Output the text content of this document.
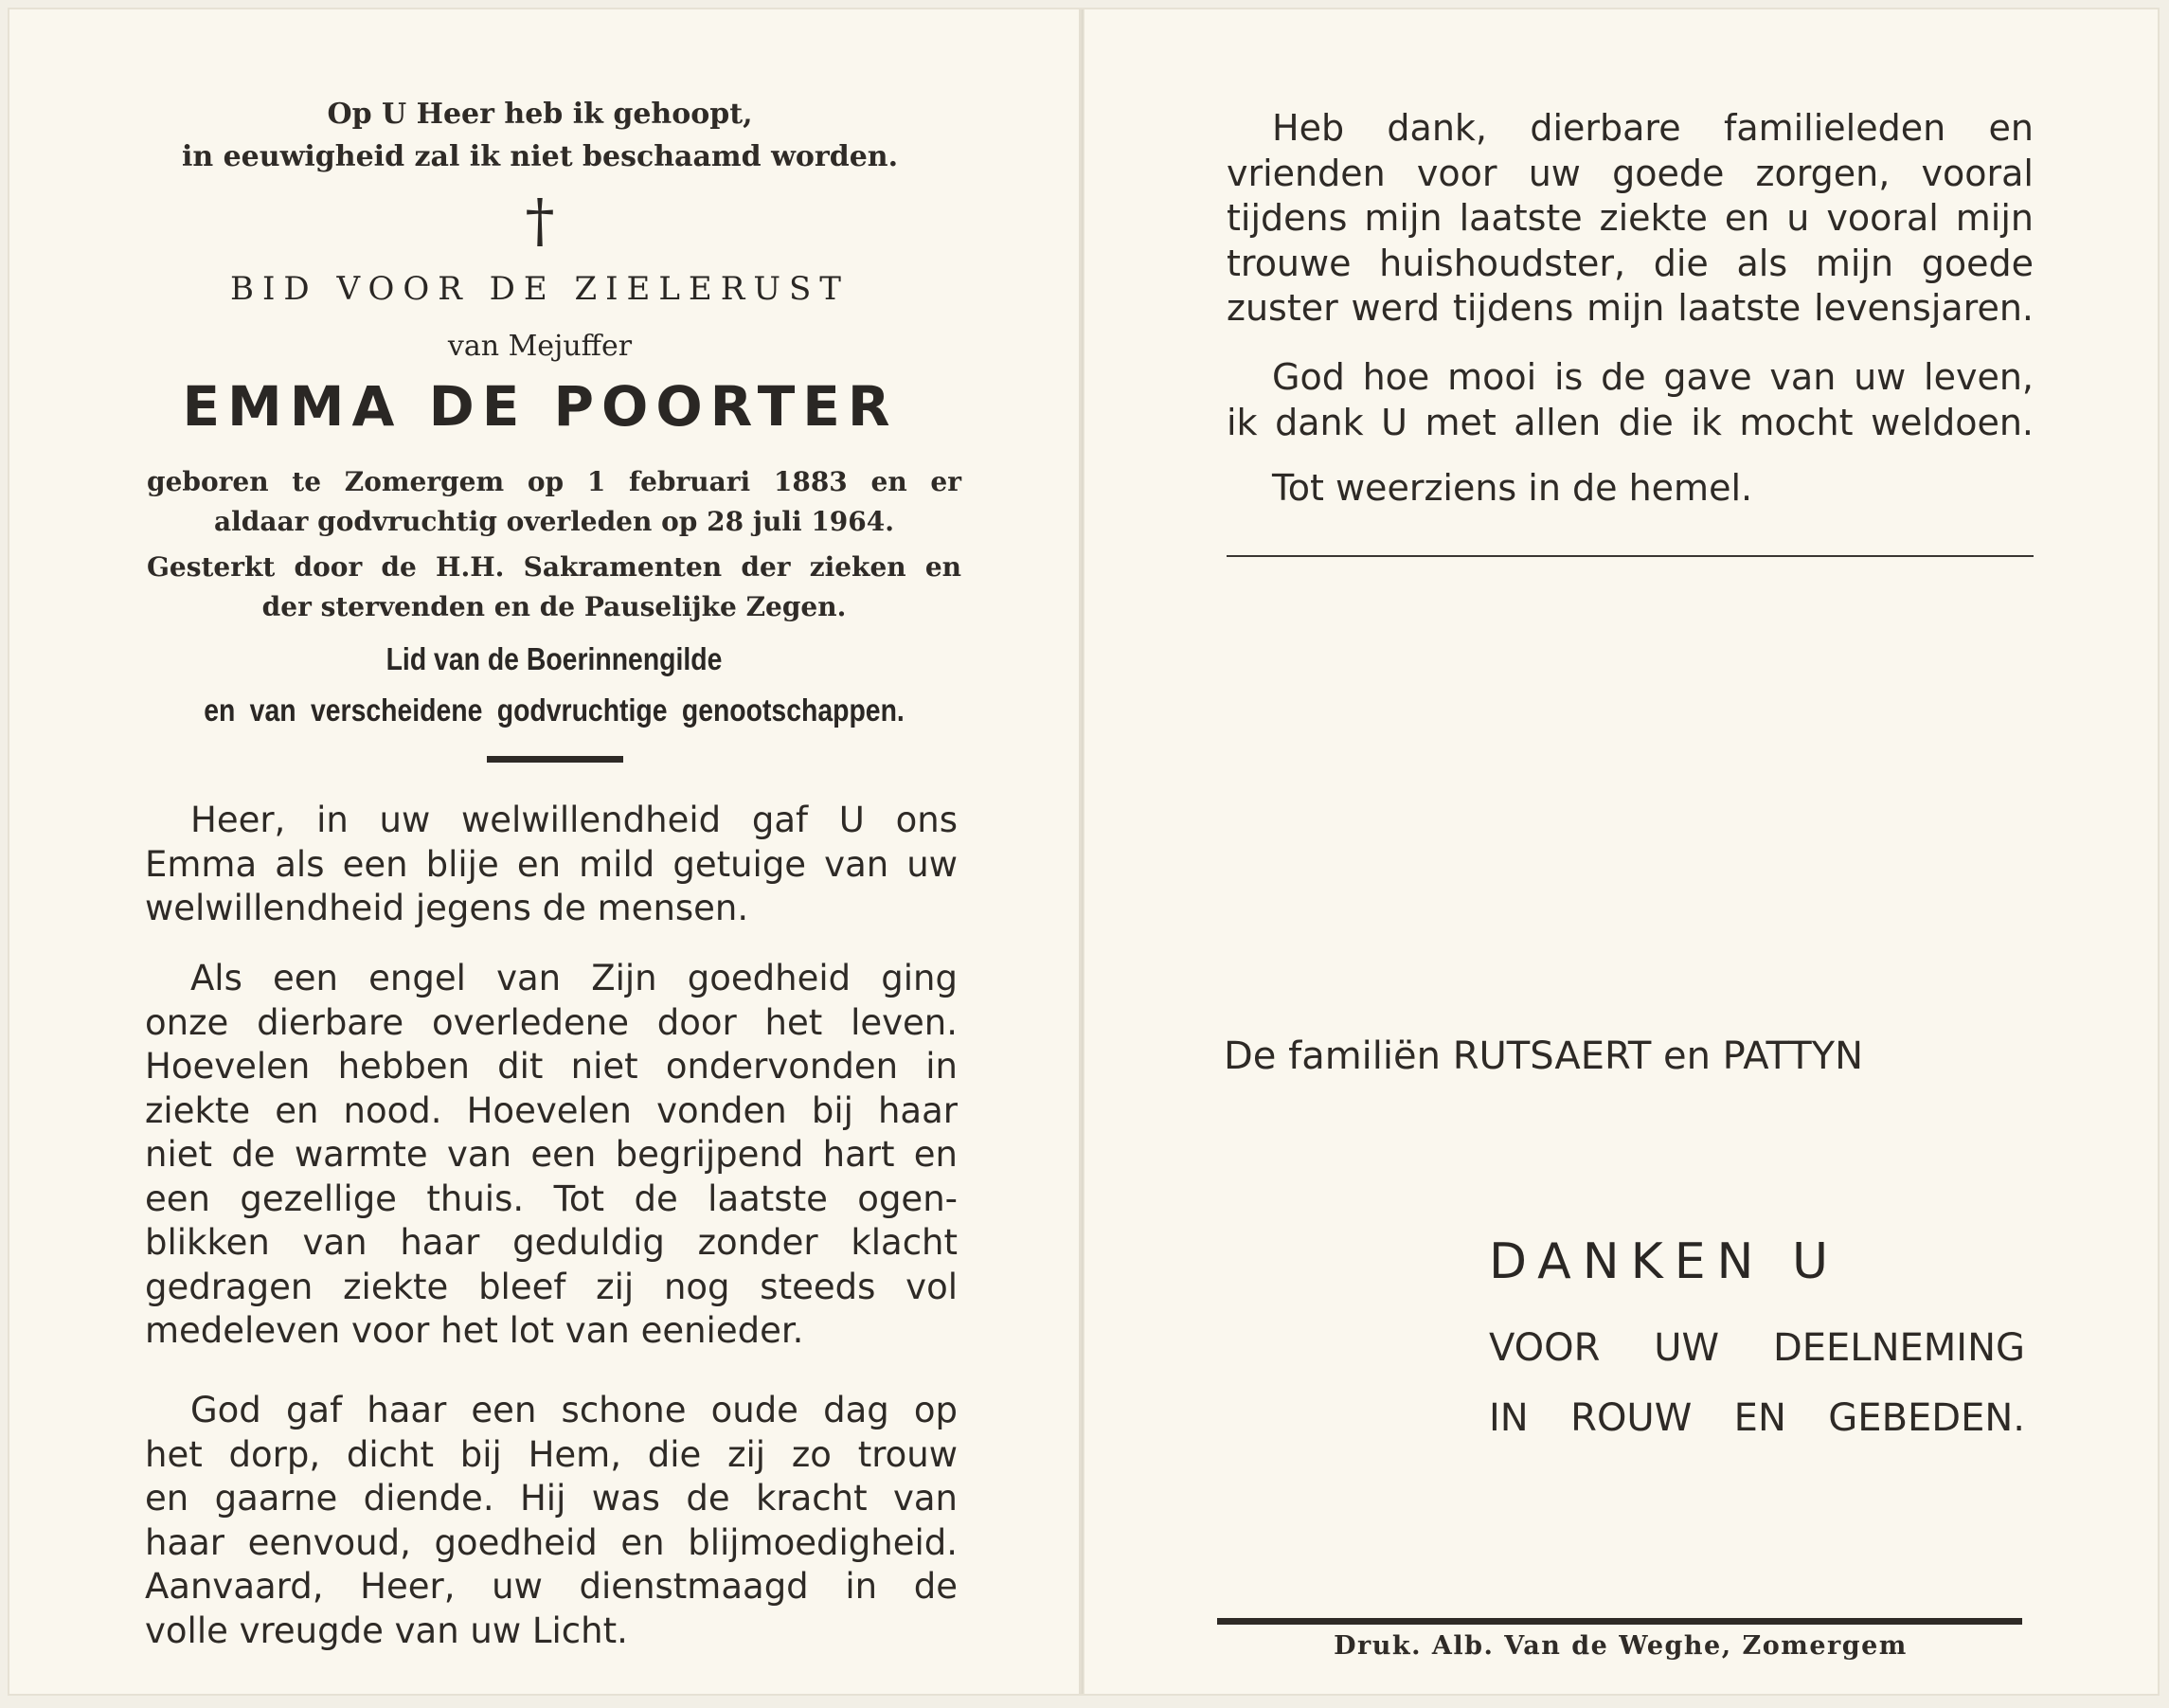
Op U Heer heb ik gehoopt,
in eeuwigheid zal ik niet beschaamd worden.
†
BID VOOR DE ZIELERUST
van Mejuffer
EMMA DE POORTER
geboren te Zomergem op 1 februari 1883 en er
aldaar godvruchtig overleden op 28 juli 1964.
Gesterkt door de H.H. Sakramenten der zieken en
der stervenden en de Pauselijke Zegen.
Lid van de Boerinnengilde
en van verscheidene godvruchtige genootschappen.
Heer, in uw welwillendheid gaf U ons
Emma als een blije en mild getuige van uw
welwillendheid jegens de mensen.
Als een engel van Zijn goedheid ging
onze dierbare overledene door het leven.
Hoevelen hebben dit niet ondervonden in
ziekte en nood. Hoevelen vonden bij haar
niet de warmte van een begrijpend hart en
een gezellige thuis. Tot de laatste ogen-
blikken van haar geduldig zonder klacht
gedragen ziekte bleef zij nog steeds vol
medeleven voor het lot van eenieder.
God gaf haar een schone oude dag op
het dorp, dicht bij Hem, die zij zo trouw
en gaarne diende. Hij was de kracht van
haar eenvoud, goedheid en blijmoedigheid.
Aanvaard, Heer, uw dienstmaagd in de
volle vreugde van uw Licht.
Heb dank, dierbare familieleden en
vrienden voor uw goede zorgen, vooral
tijdens mijn laatste ziekte en u vooral mijn
trouwe huishoudster, die als mijn goede
zuster werd tijdens mijn laatste levensjaren.
God hoe mooi is de gave van uw leven,
ik dank U met allen die ik mocht weldoen.
Tot weerziens in de hemel.
De familiën RUTSAERT en PATTYN
DANKEN U
VOOR UW DEELNEMING
IN ROUW EN GEBEDEN.
Druk. Alb. Van de Weghe, Zomergem
